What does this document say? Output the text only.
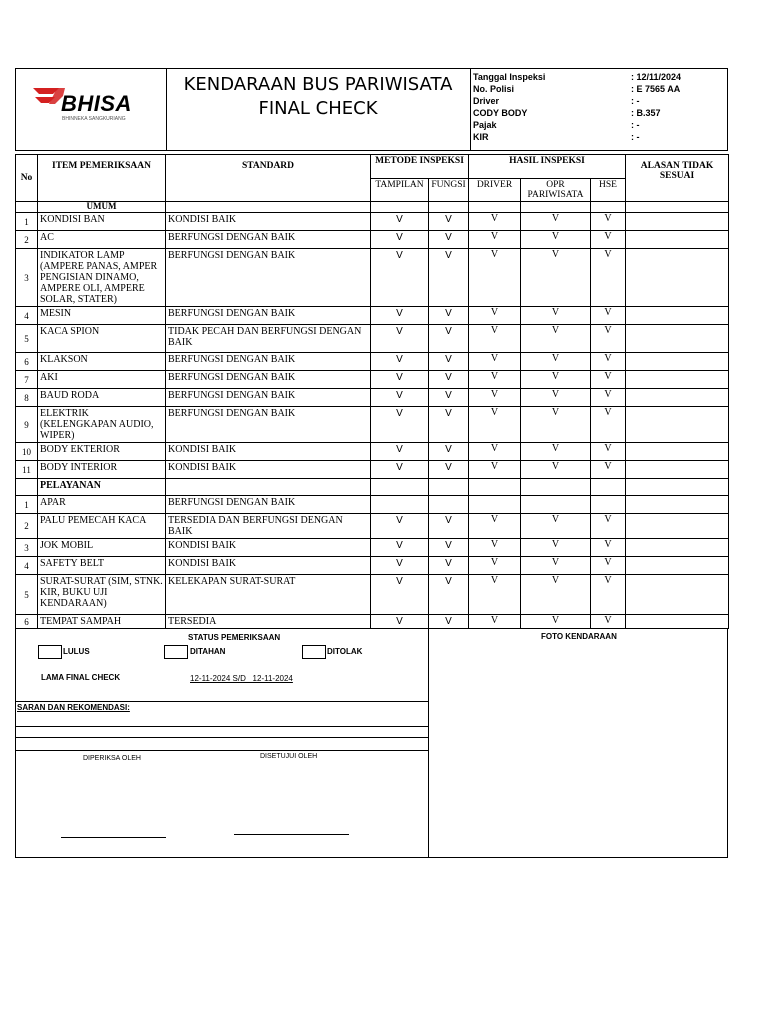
BHISA
BHINNEKA SANGKURIANG
KENDARAAN BUS PARIWISATA FINAL CHECK
Tanggal Inspeksi	: 12/11/2024
No. Polisi	: E 7565 AA
Driver	: -
CODY BODY	: B.357
Pajak	: -
KIR	: -
No	ITEM PEMERIKSAAN	STANDARD	METODE INSPEKSI		HASIL INSPEKSI			ALASAN TIDAK SESUAI
			TAMPILAN	FUNGSI	DRIVER	OPR PARIWISATA	HSE	
	UMUM							
1	KONDISI BAN	KONDISI BAIK	V	V	V	V	V	
2	AC	BERFUNGSI DENGAN BAIK	V	V	V	V	V	
3	INDIKATOR LAMP (AMPERE PANAS, AMPER PENGISIAN DINAMO, AMPERE OLI, AMPERE SOLAR, STATER)	BERFUNGSI DENGAN BAIK	V	V	V	V	V	
4	MESIN	BERFUNGSI DENGAN BAIK	V	V	V	V	V	
5	KACA SPION	TIDAK PECAH DAN BERFUNGSI DENGAN BAIK	V	V	V	V	V	
6	KLAKSON	BERFUNGSI DENGAN BAIK	V	V	V	V	V	
7	AKI	BERFUNGSI DENGAN BAIK	V	V	V	V	V	
8	BAUD RODA	BERFUNGSI DENGAN BAIK	V	V	V	V	V	
9	ELEKTRIK (KELENGKAPAN AUDIO, WIPER)	BERFUNGSI DENGAN BAIK	V	V	V	V	V	
10	BODY EKTERIOR	KONDISI BAIK	V	V	V	V	V	
11	BODY INTERIOR	KONDISI BAIK	V	V	V	V	V	
	PELAYANAN							
1	APAR	BERFUNGSI DENGAN BAIK						
2	PALU PEMECAH KACA	TERSEDIA DAN BERFUNGSI DENGAN BAIK	V	V	V	V	V	
3	JOK MOBIL	KONDISI BAIK	V	V	V	V	V	
4	SAFETY BELT	KONDISI BAIK	V	V	V	V	V	
5	SURAT-SURAT (SIM, STNK. KIR, BUKU UJI KENDARAAN)	KELEKAPAN SURAT-SURAT	V	V	V	V	V	
6	TEMPAT SAMPAH	TERSEDIA	V	V	V	V	V	
STATUS PEMERIKSAAN
LULUS	DITAHAN	DITOLAK
LAMA FINAL CHECK	12-11-2024 S/D   12-11-2024
SARAN DAN REKOMENDASI:
DIPERIKSA OLEH	DISETUJUI OLEH
FOTO KENDARAAN
